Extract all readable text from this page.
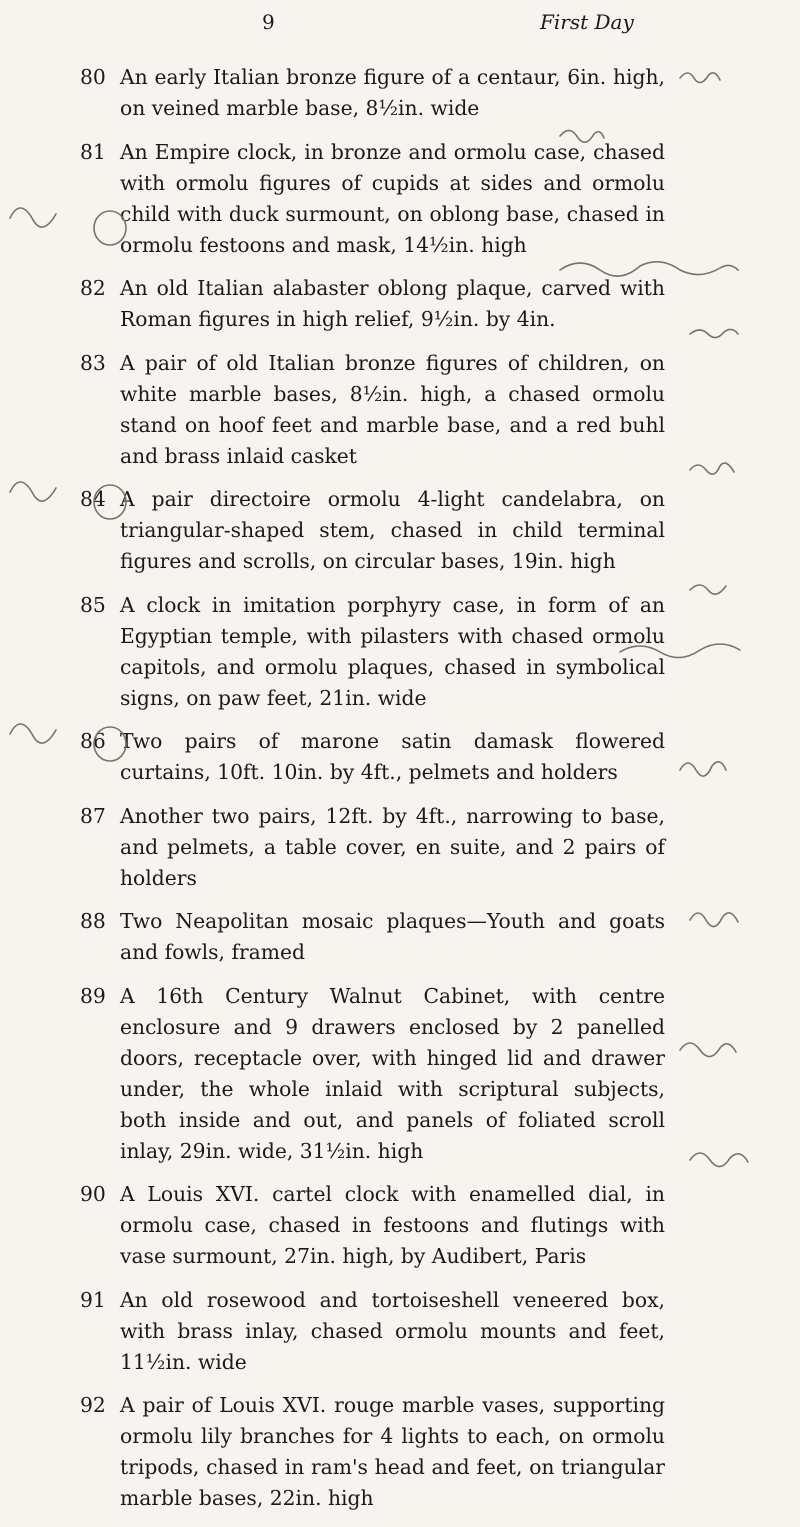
9	First Day
80 An early Italian bronze figure of a centaur, 6in. high, on veined marble base, 8½in. wide
81 An Empire clock, in bronze and ormolu case, chased with ormolu figures of cupids at sides and ormolu child with duck surmount, on oblong base, chased in ormolu festoons and mask, 14½in. high
82 An old Italian alabaster oblong plaque, carved with Roman figures in high relief, 9½in. by 4in.
83 A pair of old Italian bronze figures of children, on white marble bases, 8½in. high, a chased ormolu stand on hoof feet and marble base, and a red buhl and brass inlaid casket
84 A pair directoire ormolu 4-light candelabra, on triangular-shaped stem, chased in child terminal figures and scrolls, on circular bases, 19in. high
85 A clock in imitation porphyry case, in form of an Egyptian temple, with pilasters with chased ormolu capitols, and ormolu plaques, chased in symbolical signs, on paw feet, 21in. wide
86 Two pairs of marone satin damask flowered curtains, 10ft. 10in. by 4ft., pelmets and holders
87 Another two pairs, 12ft. by 4ft., narrowing to base, and pelmets, a table cover, en suite, and 2 pairs of holders
88 Two Neapolitan mosaic plaques—Youth and goats and fowls, framed
89 A 16th Century Walnut Cabinet, with centre enclosure and 9 drawers enclosed by 2 panelled doors, receptacle over, with hinged lid and drawer under, the whole inlaid with scriptural subjects, both inside and out, and panels of foliated scroll inlay, 29in. wide, 31½in. high
90 A Louis XVI. cartel clock with enamelled dial, in ormolu case, chased in festoons and flutings with vase surmount, 27in. high, by Audibert, Paris
91 An old rosewood and tortoiseshell veneered box, with brass inlay, chased ormolu mounts and feet, 11½in. wide
92 A pair of Louis XVI. rouge marble vases, supporting ormolu lily branches for 4 lights to each, on ormolu tripods, chased in ram's head and feet, on triangular marble bases, 22in. high
